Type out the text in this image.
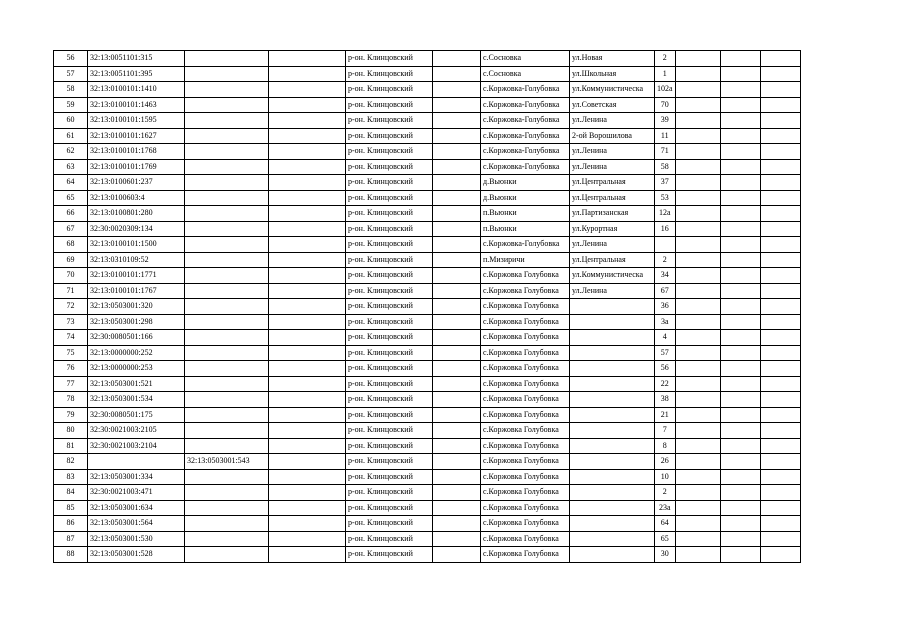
56	32:13:0051101:315			р-он. Клинцовский		с.Сосновка	ул.Новая	2			
57	32:13:0051101:395			р-он. Клинцовский		с.Сосновка	ул.Школьная	1			
58	32:13:0100101:1410			р-он. Клинцовский		с.Коржовка-Голубовка	ул.Коммунистическа	102а			
59	32:13:0100101:1463			р-он. Клинцовский		с.Коржовка-Голубовка	ул.Советская	70			
60	32:13:0100101:1595			р-он. Клинцовский		с.Коржовка-Голубовка	ул.Ленина	39			
61	32:13:0100101:1627			р-он. Клинцовский		с.Коржовка-Голубовка	2-ой Ворошилова	11			
62	32:13:0100101:1768			р-он. Клинцовский		с.Коржовка-Голубовка	ул.Ленина	71			
63	32:13:0100101:1769			р-он. Клинцовский		с.Коржовка-Голубовка	ул.Ленина	58			
64	32:13:0100601:237			р-он. Клинцовский		д.Вьюнки	ул.Центральная	37			
65	32:13:0100603:4			р-он. Клинцовский		д.Вьюнки	ул.Центральная	53			
66	32:13:0100801:280			р-он. Клинцовский		п.Вьюнки	ул.Партизанская	12а			
67	32:30:0020309:134			р-он. Клинцовский		п.Вьюнки	ул.Курортная	16			
68	32:13:0100101:1500			р-он. Клинцовский		с.Коржовка-Голубовка	ул.Ленина				
69	32:13:0310109:52			р-он. Клинцовский		п.Мизиричи	ул.Центральная	2			
70	32:13:0100101:1771			р-он. Клинцовский		с.Коржовка Голубовка	ул.Коммунистическа	34			
71	32:13:0100101:1767			р-он. Клинцовский		с.Коржовка Голубовка	ул.Ленина	67			
72	32:13:0503001:320			р-он. Клинцовский		с.Коржовка Голубовка		36			
73	32:13:0503001:298			р-он. Клинцовский		с.Коржовка Голубовка		3а			
74	32:30:0080501:166			р-он. Клинцовский		с.Коржовка Голубовка		4			
75	32:13:0000000:252			р-он. Клинцовский		с.Коржовка Голубовка		57			
76	32:13:0000000:253			р-он. Клинцовский		с.Коржовка Голубовка		56			
77	32:13:0503001:521			р-он. Клинцовский		с.Коржовка Голубовка		22			
78	32:13:0503001:534			р-он. Клинцовский		с.Коржовка Голубовка		38			
79	32:30:0080501:175			р-он. Клинцовский		с.Коржовка Голубовка		21			
80	32:30:0021003:2105			р-он. Клинцовский		с.Коржовка Голубовка		7			
81	32:30:0021003:2104			р-он. Клинцовский		с.Коржовка Голубовка		8			
82		32:13:0503001:543		р-он. Клинцовский		с.Коржовка Голубовка		26			
83	32:13:0503001:334			р-он. Клинцовский		с.Коржовка Голубовка		10			
84	32:30:0021003:471			р-он. Клинцовский		с.Коржовка Голубовка		2			
85	32:13:0503001:634			р-он. Клинцовский		с.Коржовка Голубовка		23а			
86	32:13:0503001:564			р-он. Клинцовский		с.Коржовка Голубовка		64			
87	32:13:0503001:530			р-он. Клинцовский		с.Коржовка Голубовка		65			
88	32:13:0503001:528			р-он. Клинцовский		с.Коржовка Голубовка		30			
